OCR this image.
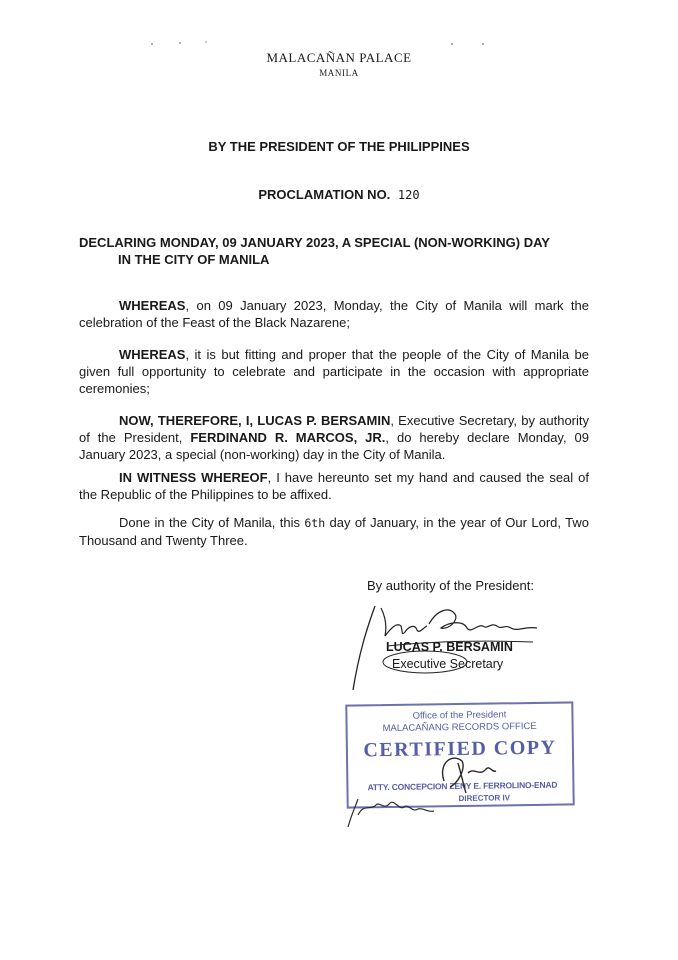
MALACAÑAN PALACE
MANILA
BY THE PRESIDENT OF THE PHILIPPINES
PROCLAMATION NO. 120
DECLARING MONDAY, 09 JANUARY 2023, A SPECIAL (NON-WORKING) DAY
IN THE CITY OF MANILA
WHEREAS, on 09 January 2023, Monday, the City of Manila will mark the celebration of the Feast of the Black Nazarene;
WHEREAS, it is but fitting and proper that the people of the City of Manila be given full opportunity to celebrate and participate in the occasion with appropriate ceremonies;
NOW, THEREFORE, I, LUCAS P. BERSAMIN, Executive Secretary, by authority of the President, FERDINAND R. MARCOS, JR., do hereby declare Monday, 09 January 2023, a special (non-working) day in the City of Manila.
IN WITNESS WHEREOF, I have hereunto set my hand and caused the seal of the Republic of the Philippines to be affixed.
Done in the City of Manila, this 6th day of January, in the year of Our Lord, Two Thousand and Twenty Three.
By authority of the President:
LUCAS P. BERSAMIN
Executive Secretary
Office of the President
MALACAÑANG RECORDS OFFICE
CERTIFIED COPY
ATTY. CONCEPCION ZENY E. FERROLINO-ENAD
DIRECTOR IV
